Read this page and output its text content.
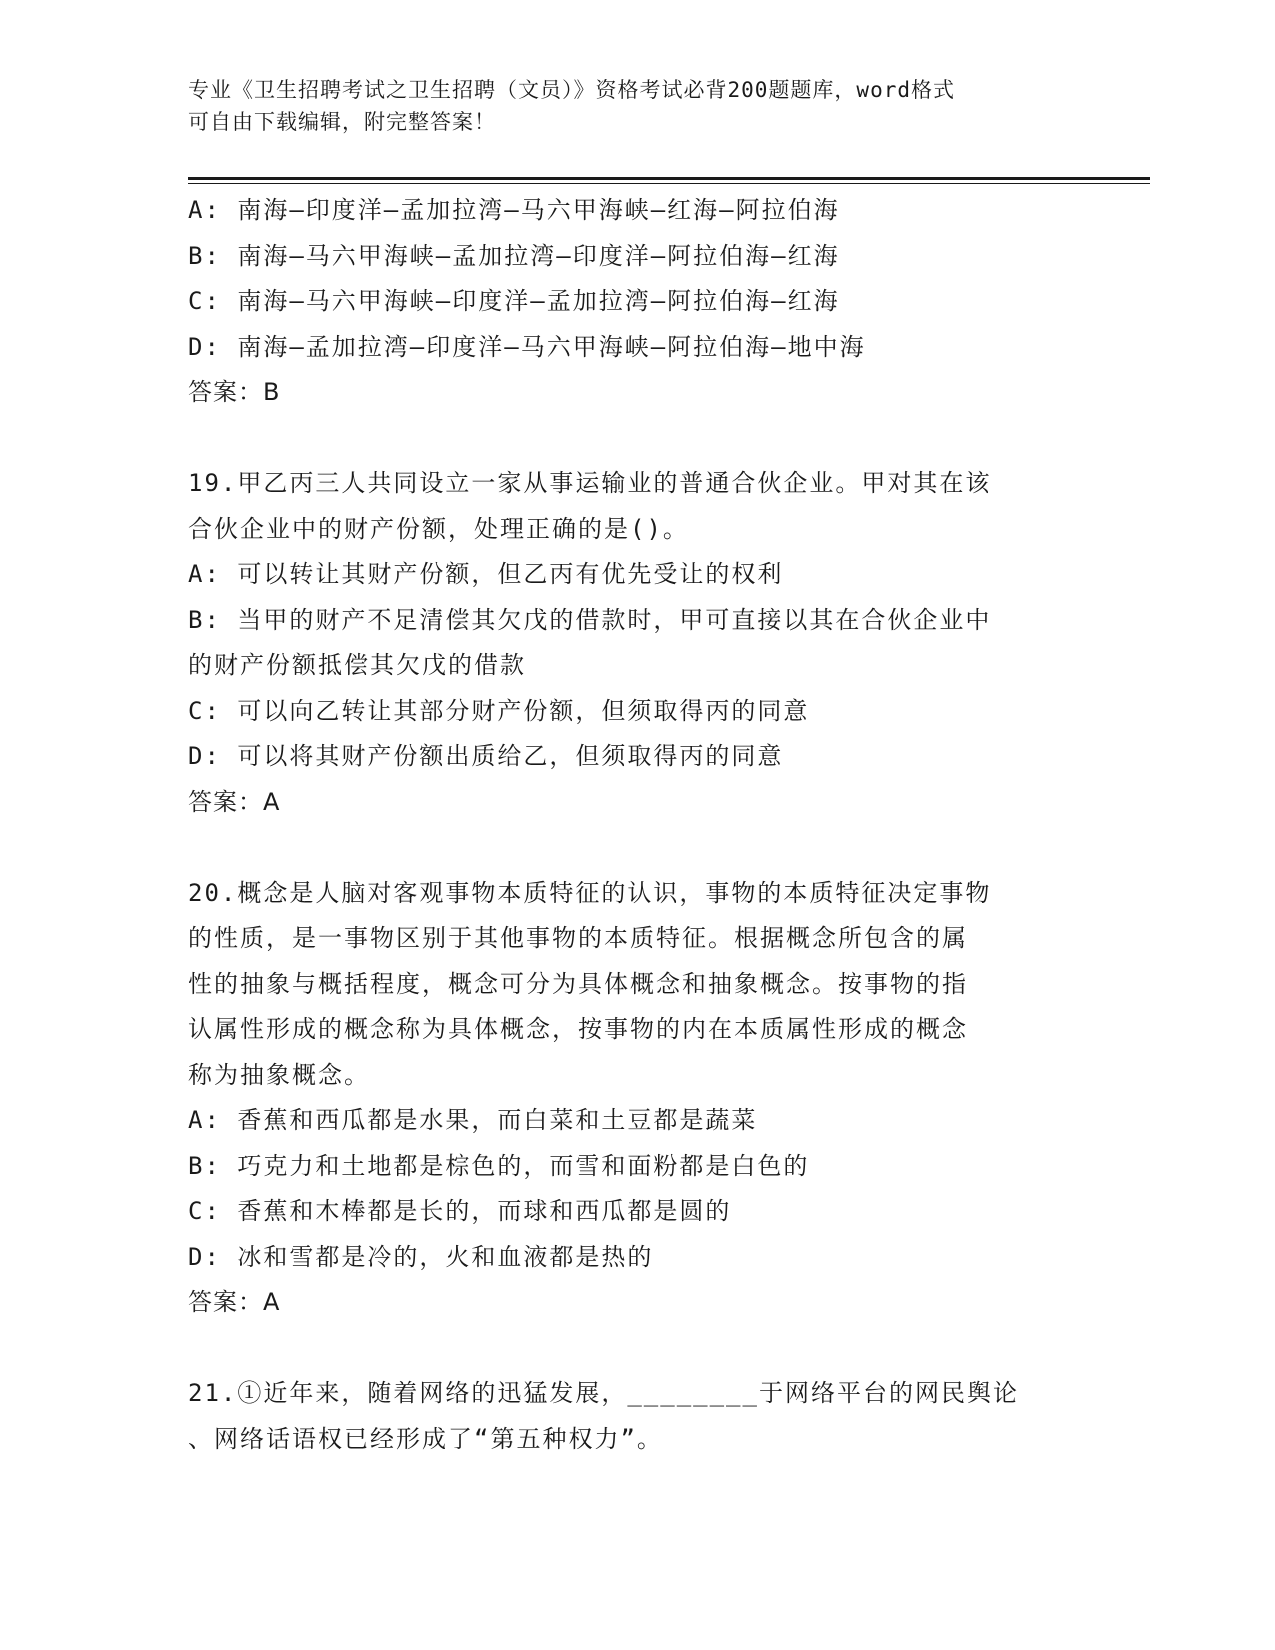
专业《卫生招聘考试之卫生招聘（文员）》资格考试必背200题题库，word格式
可自由下载编辑，附完整答案！
A: 南海—印度洋—孟加拉湾—马六甲海峡—红海—阿拉伯海
B: 南海—马六甲海峡—孟加拉湾—印度洋—阿拉伯海—红海
C: 南海—马六甲海峡—印度洋—孟加拉湾—阿拉伯海—红海
D: 南海—孟加拉湾—印度洋—马六甲海峡—阿拉伯海—地中海
答案：B
19.甲乙丙三人共同设立一家从事运输业的普通合伙企业。甲对其在该
合伙企业中的财产份额，处理正确的是()。
A: 可以转让其财产份额，但乙丙有优先受让的权利
B: 当甲的财产不足清偿其欠戊的借款时，甲可直接以其在合伙企业中
的财产份额抵偿其欠戊的借款
C: 可以向乙转让其部分财产份额，但须取得丙的同意
D: 可以将其财产份额出质给乙，但须取得丙的同意
答案：A
20.概念是人脑对客观事物本质特征的认识，事物的本质特征决定事物
的性质，是一事物区别于其他事物的本质特征。根据概念所包含的属
性的抽象与概括程度，概念可分为具体概念和抽象概念。按事物的指
认属性形成的概念称为具体概念，按事物的内在本质属性形成的概念
称为抽象概念。
A: 香蕉和西瓜都是水果，而白菜和土豆都是蔬菜
B: 巧克力和土地都是棕色的，而雪和面粉都是白色的
C: 香蕉和木棒都是长的，而球和西瓜都是圆的
D: 冰和雪都是冷的，火和血液都是热的
答案：A
21.①近年来，随着网络的迅猛发展，________于网络平台的网民舆论
、网络话语权已经形成了“第五种权力”。
